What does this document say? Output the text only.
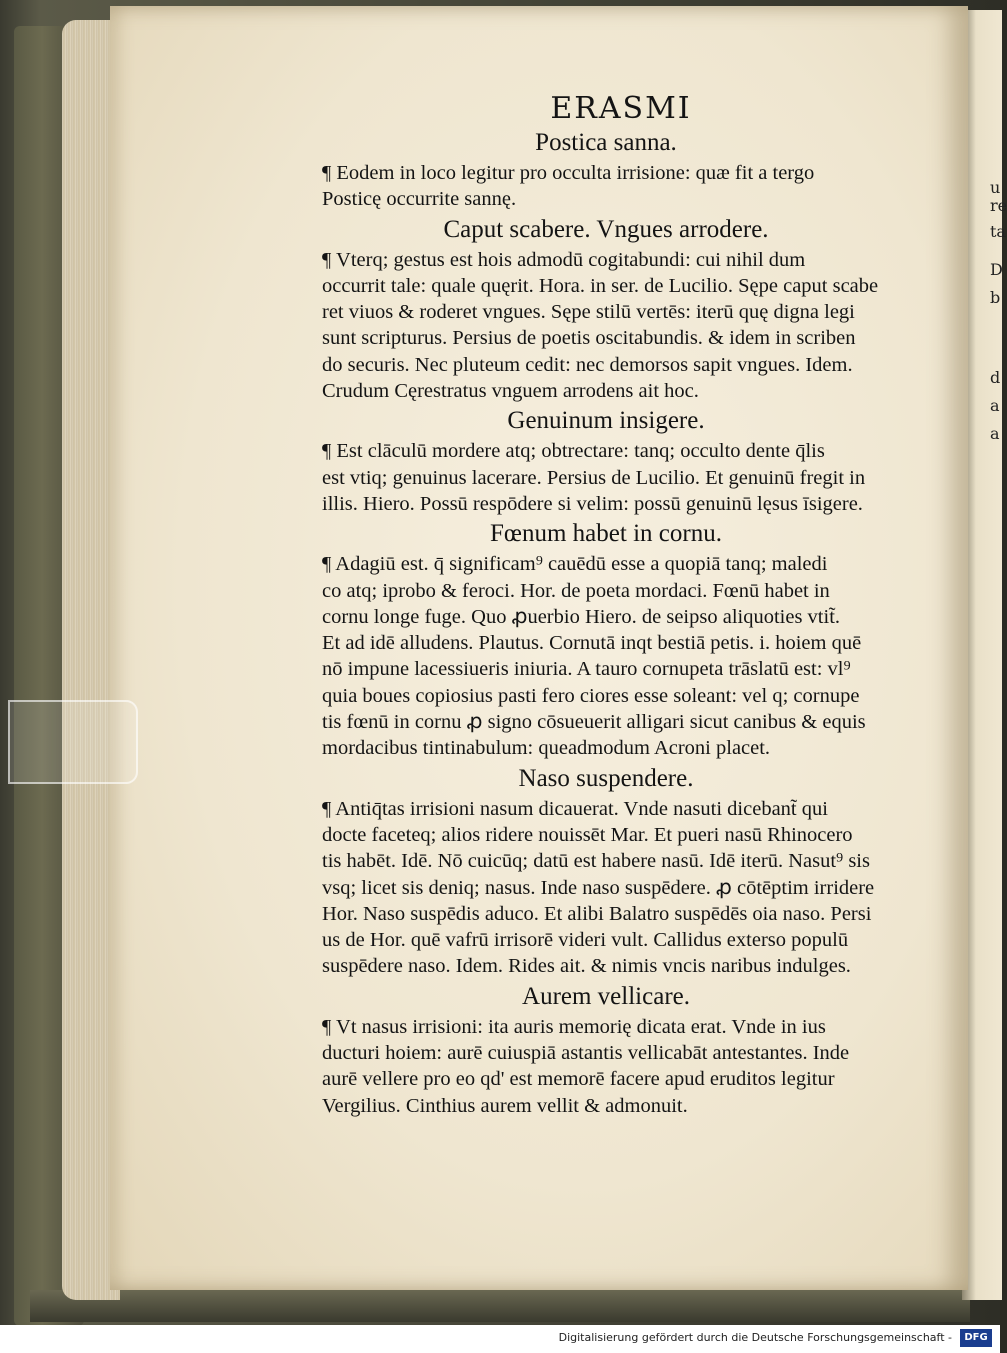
u
re
ta
D
b
d
a
a
ERASMI
Postica sanna.

¶ Eodem in loco legitur pro occulta irrisione: quæ fit a tergo

Posticę occurrite sannę.

Caput scabere. Vngues arrodere.

¶ Vterq; gestus est hois admodū cogitabundi: cui nihil dum

occurrit tale: quale quęrit. Hora. in ser. de Lucilio. Sępe caput scabe

ret viuos & roderet vngues. Sępe stilū vertēs: iterū quę digna legi

sunt scripturus. Persius de poetis oscitabundis. & idem in scriben

do securis. Nec pluteum cedit: nec demorsos sapit vngues. Idem.

Crudum Cęrestratus vnguem arrodens ait hoc.

Genuinum insigere.

¶ Est clāculū mordere atq; obtrectare: tanq; occulto dente q̄lis

est vtiq; genuinus lacerare. Persius de Lucilio. Et genuinū fregit in

illis. Hiero. Possū respōdere si velim: possū genuinū lęsus īsigere.

Fœnum habet in cornu.

¶ Adagiū est. q̄ significam⁹ cauēdū esse a quopiā tanq; maledi

co atq; iprobo & feroci. Hor. de poeta mordaci. Fœnū habet in

cornu longe fuge. Quo ꝓuerbio Hiero. de seipso aliquoties vtit̃.

Et ad idē alludens. Plautus. Cornutā inqt bestiā petis. i. hoiem quē

nō impune lacessiueris iniuria. A tauro cornupeta trāslatū est: vl⁹

quia boues copiosius pasti fero ciores esse soleant: vel q; cornupe

tis fœnū in cornu ꝓ signo cōsueuerit alligari sicut canibus & equis

mordacibus tintinabulum: queadmodum Acroni placet.

Naso suspendere.

¶ Antiq̄tas irrisioni nasum dicauerat. Vnde nasuti dicebant̃ qui

docte faceteq; alios ridere nouissēt Mar. Et pueri nasū Rhinocero

tis habēt. Idē. Nō cuicūq; datū est habere nasū. Idē iterū. Nasut⁹ sis

vsq; licet sis deniq; nasus. Inde naso suspēdere. ꝓ cōtēptim irridere

Hor. Naso suspēdis aduco. Et alibi Balatro suspēdēs oia naso. Persi

us de Hor. quē vafrū irrisorē videri vult. Callidus exterso populū

suspēdere naso. Idem. Rides ait. & nimis vncis naribus indulges.

Aurem vellicare.

¶ Vt nasus irrisioni: ita auris memorię dicata erat. Vnde in ius

ducturi hoiem: aurē cuiuspiā astantis vellicabāt antestantes. Inde

aurē vellere pro eo qd' est memorē facere apud eruditos legitur

Vergilius. Cinthius aurem vellit & admonuit.

Digitalisierung gefördert durch die Deutsche Forschungsgemeinschaft -	DFG
